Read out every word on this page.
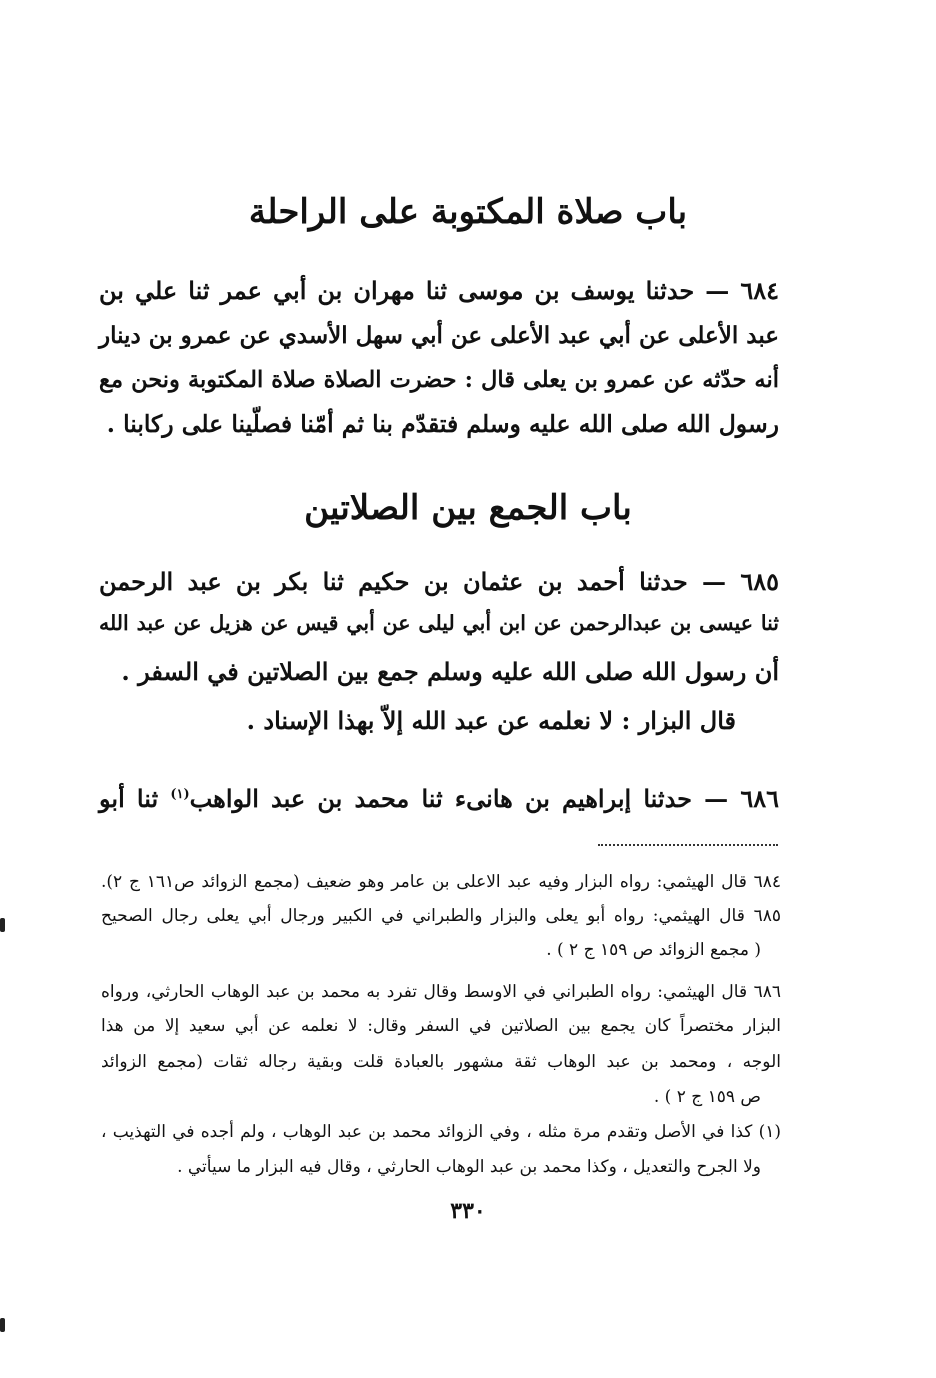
باب صلاة المكتوبة على الراحلة
٦٨٤ — حدثنا يوسف بن موسى ثنا مهران بن أبي عمر ثنا علي بن
عبد الأعلى عن أبي عبد الأعلى عن أبي سهل الأسدي عن عمرو بن دينار
أنه حدّثه عن عمرو بن يعلى قال : حضرت الصلاة صلاة المكتوبة ونحن مع
رسول الله صلى الله عليه وسلم فتقدّم بنا ثم أمّنا فصلّينا على ركابنا .
باب الجمع بين الصلاتين
٦٨٥ — حدثنا أحمد بن عثمان بن حكيم ثنا بكر بن عبد الرحمن
ثنا عيسى بن عبدالرحمن عن ابن أبي ليلى عن أبي قيس عن هزيل عن عبد الله
أن رسول الله صلى الله عليه وسلم جمع بين الصلاتين في السفر .
قال البزار : لا نعلمه عن عبد الله إلاّ بهذا الإسناد .
٦٨٦ — حدثنا إبراهيم بن هانىء ثنا محمد بن عبد الواهب$^{(١)}$ ثنا أبو
٦٨٤ قال الهيثمي: رواه البزار وفيه عبد الاعلى بن عامر وهو ضعيف (مجمع الزوائد ص١٦١ ج ٢).
٦٨٥ قال الهيثمي: رواه أبو يعلى والبزار والطبراني في الكبير ورجال أبي يعلى رجال الصحيح
( مجمع الزوائد ص ١٥٩ ج ٢ ) .
٦٨٦ قال الهيثمي: رواه الطبراني في الاوسط وقال تفرد به محمد بن عبد الوهاب الحارثي، ورواه
البزار مختصراً كان يجمع بين الصلاتين في السفر وقال: لا نعلمه عن أبي سعيد إلا من هذا
الوجه ، ومحمد بن عبد الوهاب ثقة مشهور بالعبادة قلت وبقية رجاله ثقات (مجمع الزوائد
ص ١٥٩ ج ٢ ) .
(١) كذا في الأصل وتقدم مرة مثله ، وفي الزوائد محمد بن عبد الوهاب ، ولم أجده في التهذيب ،
ولا الجرح والتعديل ، وكذا محمد بن عبد الوهاب الحارثي ، وقال فيه البزار ما سيأتي .
٣٣٠
